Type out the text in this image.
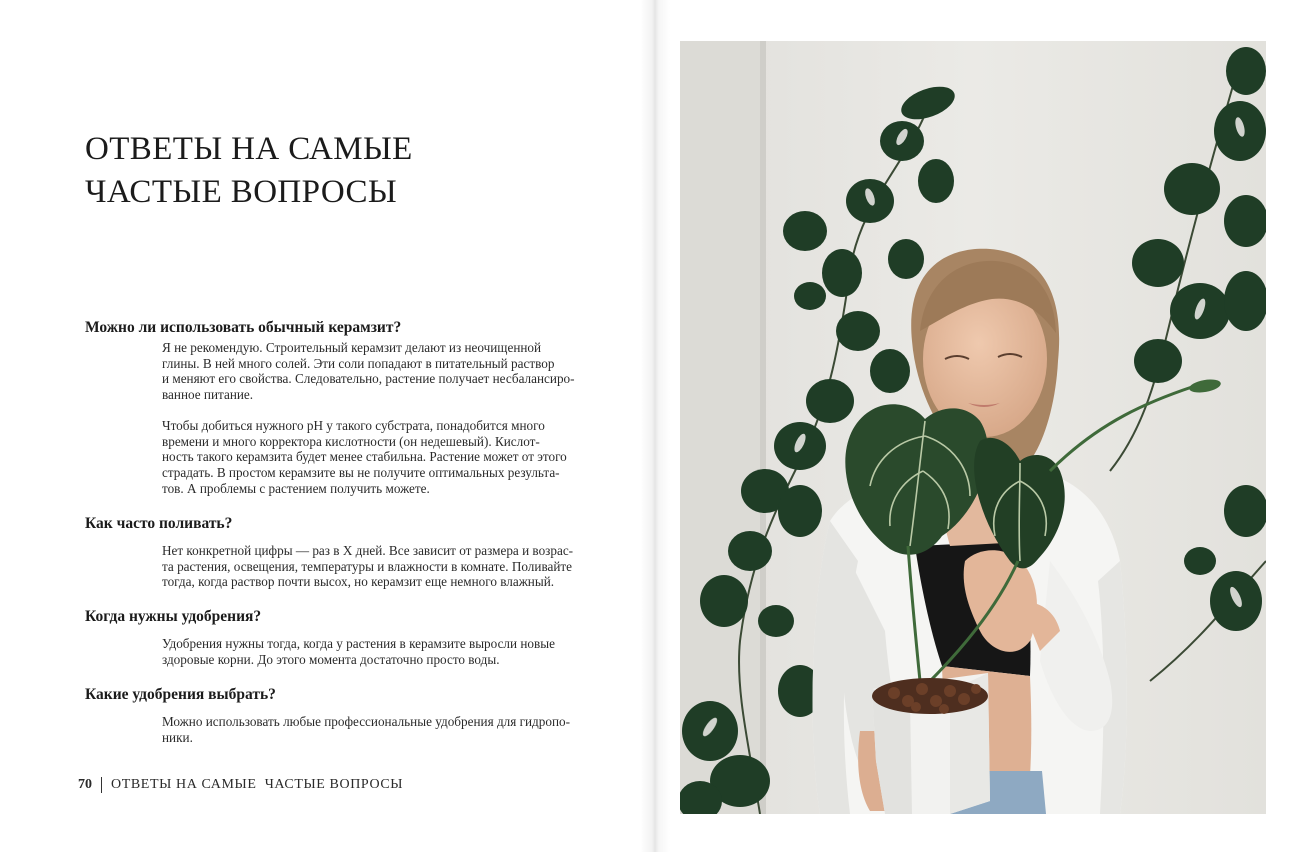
ОТВЕТЫ НА САМЫЕ
ЧАСТЫЕ ВОПРОСЫ
Можно ли использовать обычный керамзит?
Я не рекомендую. Строительный керамзит делают из неочищенной
глины. В ней много солей. Эти соли попадают в питательный раствор
и меняют его свойства. Следовательно, растение получает несбалансиро-
ванное питание.
Чтобы добиться нужного pH у такого субстрата, понадобится много
времени и много корректора кислотности (он недешевый). Кислот-
ность такого керамзита будет менее стабильна. Растение может от этого
страдать. В простом керамзите вы не получите оптимальных результа-
тов. А проблемы с растением получить можете.
Как часто поливать?
Нет конкретной цифры — раз в X дней. Все зависит от размера и возрас-
та растения, освещения, температуры и влажности в комнате. Поливайте
тогда, когда раствор почти высох, но керамзит еще немного влажный.
Когда нужны удобрения?
Удобрения нужны тогда, когда у растения в керамзите выросли новые
здоровые корни. До этого момента достаточно просто воды.
Какие удобрения выбрать?
Можно использовать любые профессиональные удобрения для гидропо-
ники.
70 ОТВЕТЫ НА САМЫЕ  ЧАСТЫЕ ВОПРОСЫ
